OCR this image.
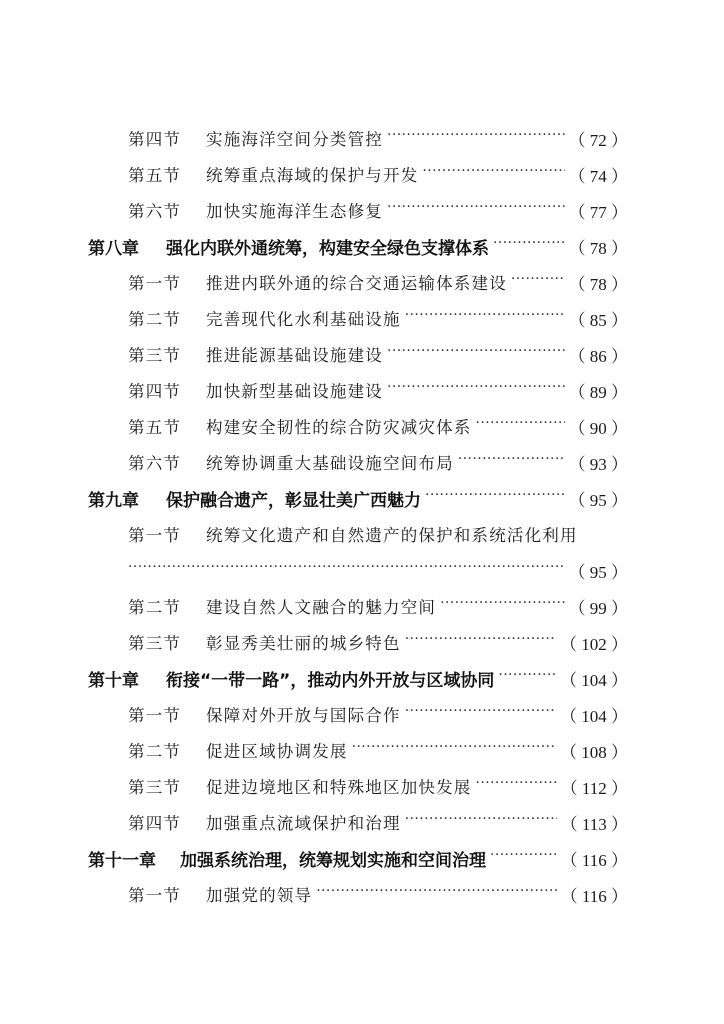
第四节	实施海洋空间分类管控 ·····	（ 72 ）
第五节	统筹重点海域的保护与开发 ·····	（ 74 ）
第六节	加快实施海洋生态修复 ·····	（ 77 ）
第八章	强化内联外通统筹，构建安全绿色支撑体系 ·····	（ 78 ）
第一节	推进内联外通的综合交通运输体系建设 ·····	（ 78 ）
第二节	完善现代化水利基础设施 ·····	（ 85 ）
第三节	推进能源基础设施建设 ·····	（ 86 ）
第四节	加快新型基础设施建设 ·····	（ 89 ）
第五节	构建安全韧性的综合防灾减灾体系 ·····	（ 90 ）
第六节	统筹协调重大基础设施空间布局 ·····	（ 93 ）
第九章	保护融合遗产，彰显壮美广西魅力 ·····	（ 95 ）
第一节	统筹文化遗产和自然遗产的保护和系统活化利用
·····
（ 95 ）
第二节	建设自然人文融合的魅力空间 ·····	（ 99 ）
第三节	彰显秀美壮丽的城乡特色 ·····	（ 102 ）
第十章	衔接“一带一路”，推动内外开放与区域协同 ·····	（ 104 ）
第一节	保障对外开放与国际合作 ·····	（ 104 ）
第二节	促进区域协调发展 ·····	（ 108 ）
第三节	促进边境地区和特殊地区加快发展 ·····	（ 112 ）
第四节	加强重点流域保护和治理 ·····	（ 113 ）
第十一章	加强系统治理，统筹规划实施和空间治理 ·····	（ 116 ）
第一节	加强党的领导 ·····	（ 116 ）
